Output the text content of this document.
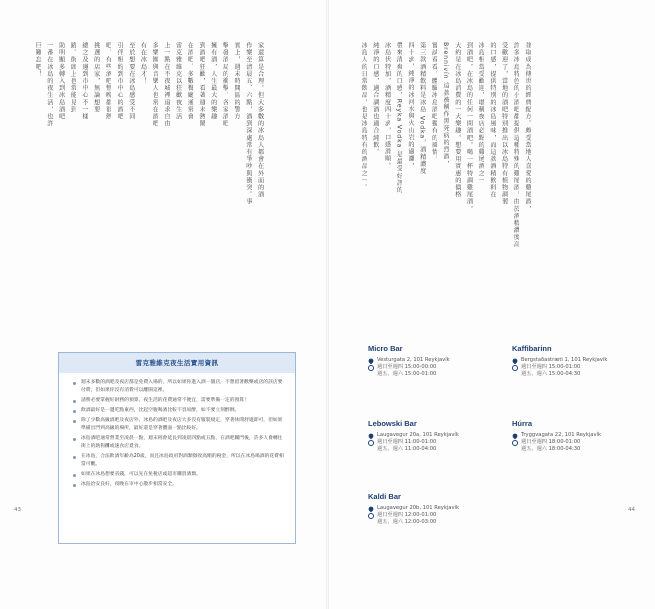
家還算是合理。但大多數的冰島人都會在外面的酒
作樂至清晨五、六點，酒到深處常有爭吵與衝突。事
實上，週末時開區的警方
擊發酒局的衝擊，各家酒吧
擁有酒，人生最大的樂趣
到酒吧狂歡，看著週末熱鬧
在酒吧、多數餐廳通常會
雷克雅維克以狂歡夜生活
上一點在不夜城裡追求自由
多樂團與音樂人也常在酒吧
有在冰島才！
至於想要在冰島感受不同
引伴相約到市中心的酒吧
吧，有些酒吧整晚都很熱
挑選的店家，無論想要
總之及邊到市中心不一樣
路。街頭上也常能見到
助明顯多轉入到冰島酒吧
一番在冰島的夜生活，也許
巨難忘吧！
雷克雅維克夜生活實用資訊
週末多數的酒吧及夜店都是免費入場的，所以如果你進入酒一個店，不想留著歡樂或店的該店要付費，但如果你沒有消費可以離開這裡。
請務必要掌握好財務的預算，夜生活的花費通常不便宜，需要準備一定的預算！
飲酒最好是一邊吃點東西，比起空腹喝酒比較不容易醉，如不要立刻醉倒。
除了少數高級酒吧及夜店外，冰島的酒吧及夜店大多沒有服裝規定，穿著休閒舒適即可，但如果準備出門到高級的場所，最好還是穿著體面一點比較好。
冰島酒吧通常營業至凌晨一點，週末則會延長到凌晨四點或五點，在酒吧關門後，許多人會轉往街上的熱狗攤或速食店覓食。
在冰島，合法飲酒年齡為20歲，而且冰島政府對酒類徵收高額的稅金，所以在冰島喝酒的花費相當可觀。
如果在冰島想要省錢，可以先在免稅店或超市購買酒類。
冰島治安良好，夜晚在市中心散步相當安全。
並取成為傳世的經典配方。頗受當地人喜愛的雞尾酒，
許多冰島特色的小酒吧都提供這種特殊的雞尾酒，由於酒精濃度高
受歡迎了，當地的酒吧特別推出以冰島特有植物調製
的口感，提供特別的冰島風味，而這款酒精飲料在
冰島相當受歡迎，堪稱夜店必點的雞尾酒之一
到酒吧，在冰島的任何一間酒吧，喝一杯特調雞尾酒，
大約是在冰島消費的一大樂趣。想要用實惠的價格
Brennivín 這款被稱作黑死病的烈酒，
嘗試看看，體驗冰島酒吧獨有的風情。
第三款酒精飲料是冰島 Vodka，酒精濃度
四十%，純淨的冰河水與火山岩的過濾，
帶來清爽的口感，Reyka Vodka 是最受好評的
冰島伏特加，酒精度四十%，口感滑順。
純淨的口感，適合調酒也適合純飲。
冰島人的日常飲品，也是冰島特有的酒品之一。
Micro Bar
Vesturgata 2, 101 Reykjavík
週日至週四 15:00-00:00
週五、週六 15:00-01:00
Lebowski Bar
Laugavegur 20a, 101 Reykjavík
週日至週四 11:00-01:00
週五、週六 11:00-04:00
Kaldi Bar
Laugavegur 20b, 101 Reykjavík
週日至週四 12:00-01:00
週五、週六 12:00-03:00
Kaffibarinn
Bergstaðastræti 1, 101 Reykjavík
週日至週四 15:00-01:00
週五、週六 15:00-04:30
Húrra
Tryggvagata 22, 101 Reykjavík
週日至週四 18:00-01:00
週五、週六 18:00-04:30
43	44
